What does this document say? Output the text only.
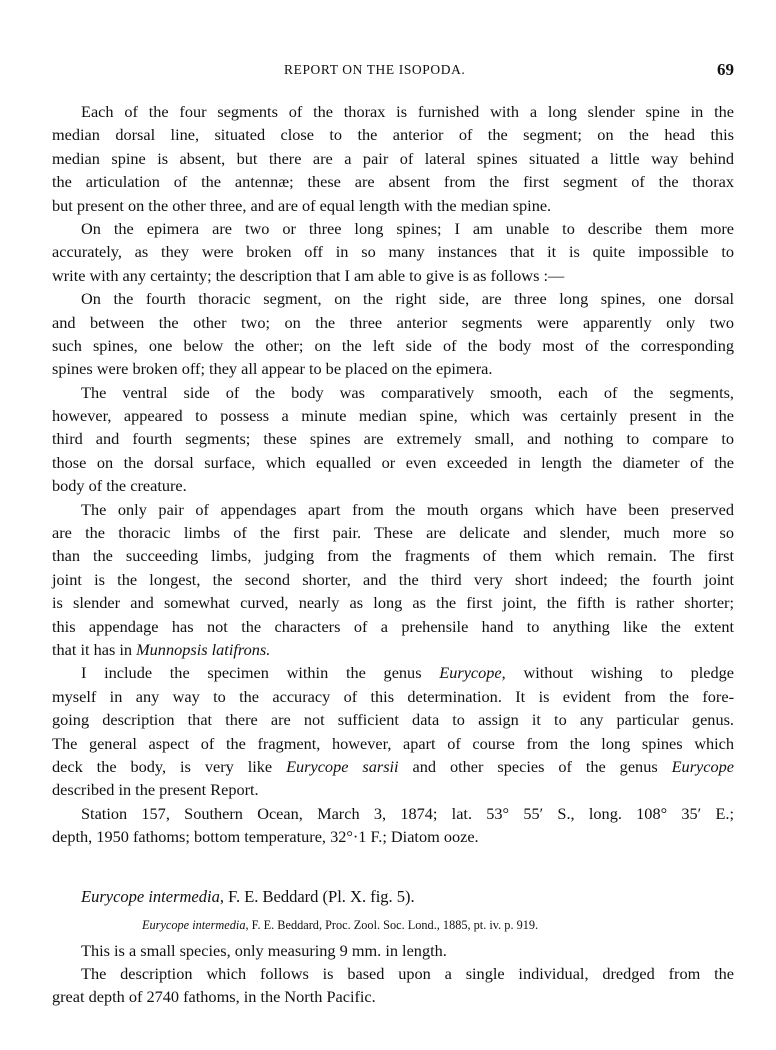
REPORT ON THE ISOPODA.	69
Each of the four segments of the thorax is furnished with a long slender spine in the
median dorsal line, situated close to the anterior of the segment; on the head this
median spine is absent, but there are a pair of lateral spines situated a little way behind
the articulation of the antennæ; these are absent from the first segment of the thorax
but present on the other three, and are of equal length with the median spine.
On the epimera are two or three long spines; I am unable to describe them more
accurately, as they were broken off in so many instances that it is quite impossible to
write with any certainty; the description that I am able to give is as follows :—
On the fourth thoracic segment, on the right side, are three long spines, one dorsal
and between the other two; on the three anterior segments were apparently only two
such spines, one below the other; on the left side of the body most of the corresponding
spines were broken off; they all appear to be placed on the epimera.
The ventral side of the body was comparatively smooth, each of the segments,
however, appeared to possess a minute median spine, which was certainly present in the
third and fourth segments; these spines are extremely small, and nothing to compare to
those on the dorsal surface, which equalled or even exceeded in length the diameter of the
body of the creature.
The only pair of appendages apart from the mouth organs which have been preserved
are the thoracic limbs of the first pair. These are delicate and slender, much more so
than the succeeding limbs, judging from the fragments of them which remain. The first
joint is the longest, the second shorter, and the third very short indeed; the fourth joint
is slender and somewhat curved, nearly as long as the first joint, the fifth is rather shorter;
this appendage has not the characters of a prehensile hand to anything like the extent
that it has in Munnopsis latifrons.
I include the specimen within the genus Eurycope, without wishing to pledge
myself in any way to the accuracy of this determination. It is evident from the fore-
going description that there are not sufficient data to assign it to any particular genus.
The general aspect of the fragment, however, apart of course from the long spines which
deck the body, is very like Eurycope sarsii and other species of the genus Eurycope
described in the present Report.
Station 157, Southern Ocean, March 3, 1874; lat. 53° 55′ S., long. 108° 35′ E.;
depth, 1950 fathoms; bottom temperature, 32°·1 F.; Diatom ooze.
Eurycope intermedia, F. E. Beddard (Pl. X. fig. 5).
Eurycope intermedia, F. E. Beddard, Proc. Zool. Soc. Lond., 1885, pt. iv. p. 919.
This is a small species, only measuring 9 mm. in length.
The description which follows is based upon a single individual, dredged from the
great depth of 2740 fathoms, in the North Pacific.
